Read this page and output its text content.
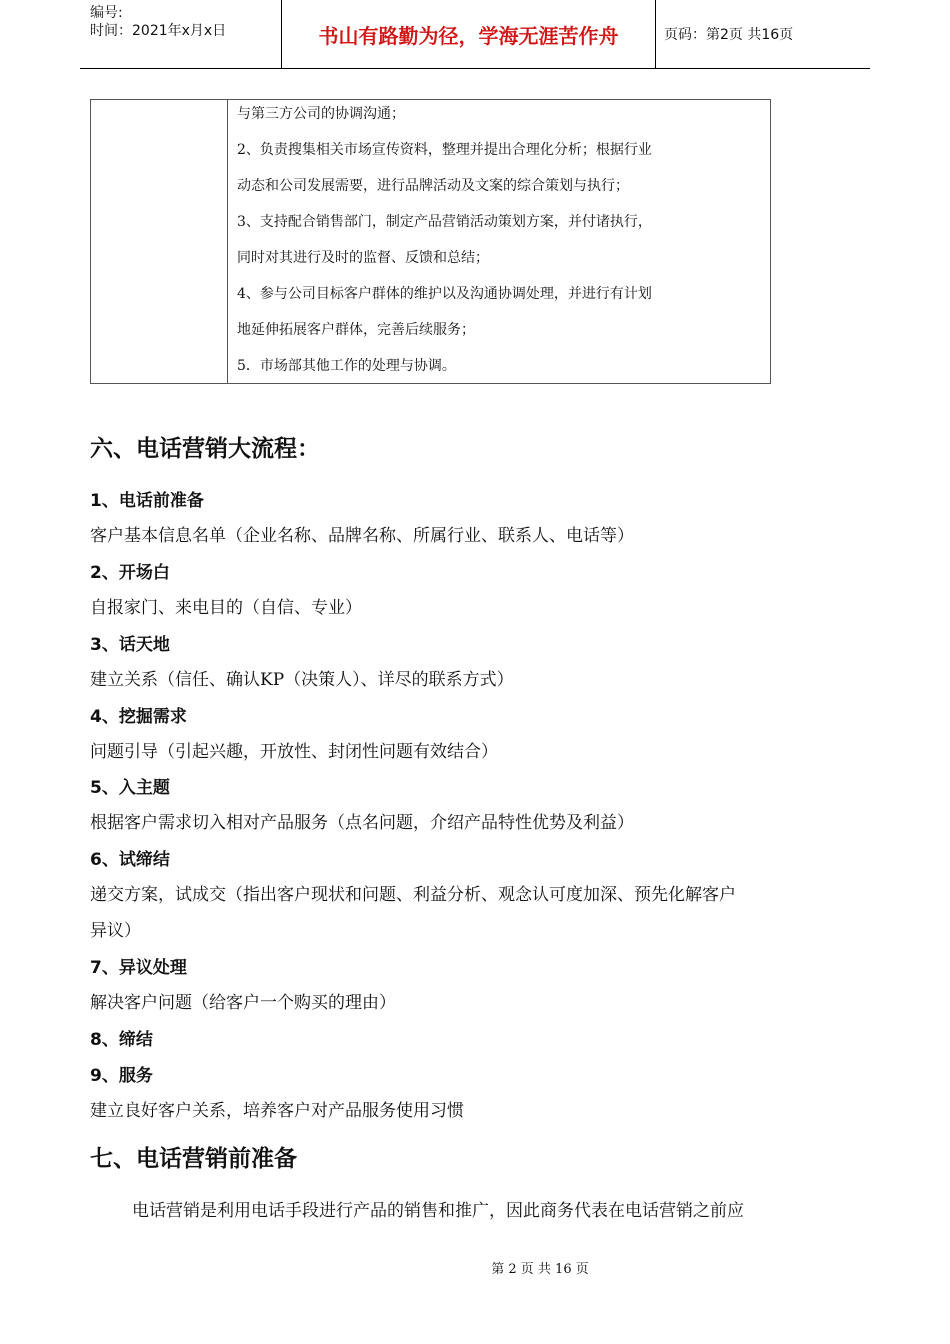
编号:
时间：2021年x月x日	书山有路勤为径，学海无涯苦作舟	页码：第2页 共16页
与第三方公司的协调沟通；
2、负责搜集相关市场宣传资料，整理并提出合理化分析；根据行业
动态和公司发展需要，进行品牌活动及文案的综合策划与执行；
3、支持配合销售部门，制定产品营销活动策划方案，并付诸执行，
同时对其进行及时的监督、反馈和总结；
4、参与公司目标客户群体的维护以及沟通协调处理，并进行有计划
地延伸拓展客户群体，完善后续服务；
5．市场部其他工作的处理与协调。
六、电话营销大流程：
1、电话前准备
客户基本信息名单（企业名称、品牌名称、所属行业、联系人、电话等）
2、开场白
自报家门、来电目的（自信、专业）
3、话天地
建立关系（信任、确认KP（决策人）、详尽的联系方式）
4、挖掘需求
问题引导（引起兴趣，开放性、封闭性问题有效结合）
5、入主题
根据客户需求切入相对产品服务（点名问题，介绍产品特性优势及利益）
6、试缔结
递交方案，试成交（指出客户现状和问题、利益分析、观念认可度加深、预先化解客户
异议）
7、异议处理
解决客户问题（给客户一个购买的理由）
8、缔结
9、服务
建立良好客户关系，培养客户对产品服务使用习惯
七、电话营销前准备
电话营销是利用电话手段进行产品的销售和推广，因此商务代表在电话营销之前应
第 2 页 共 16 页
